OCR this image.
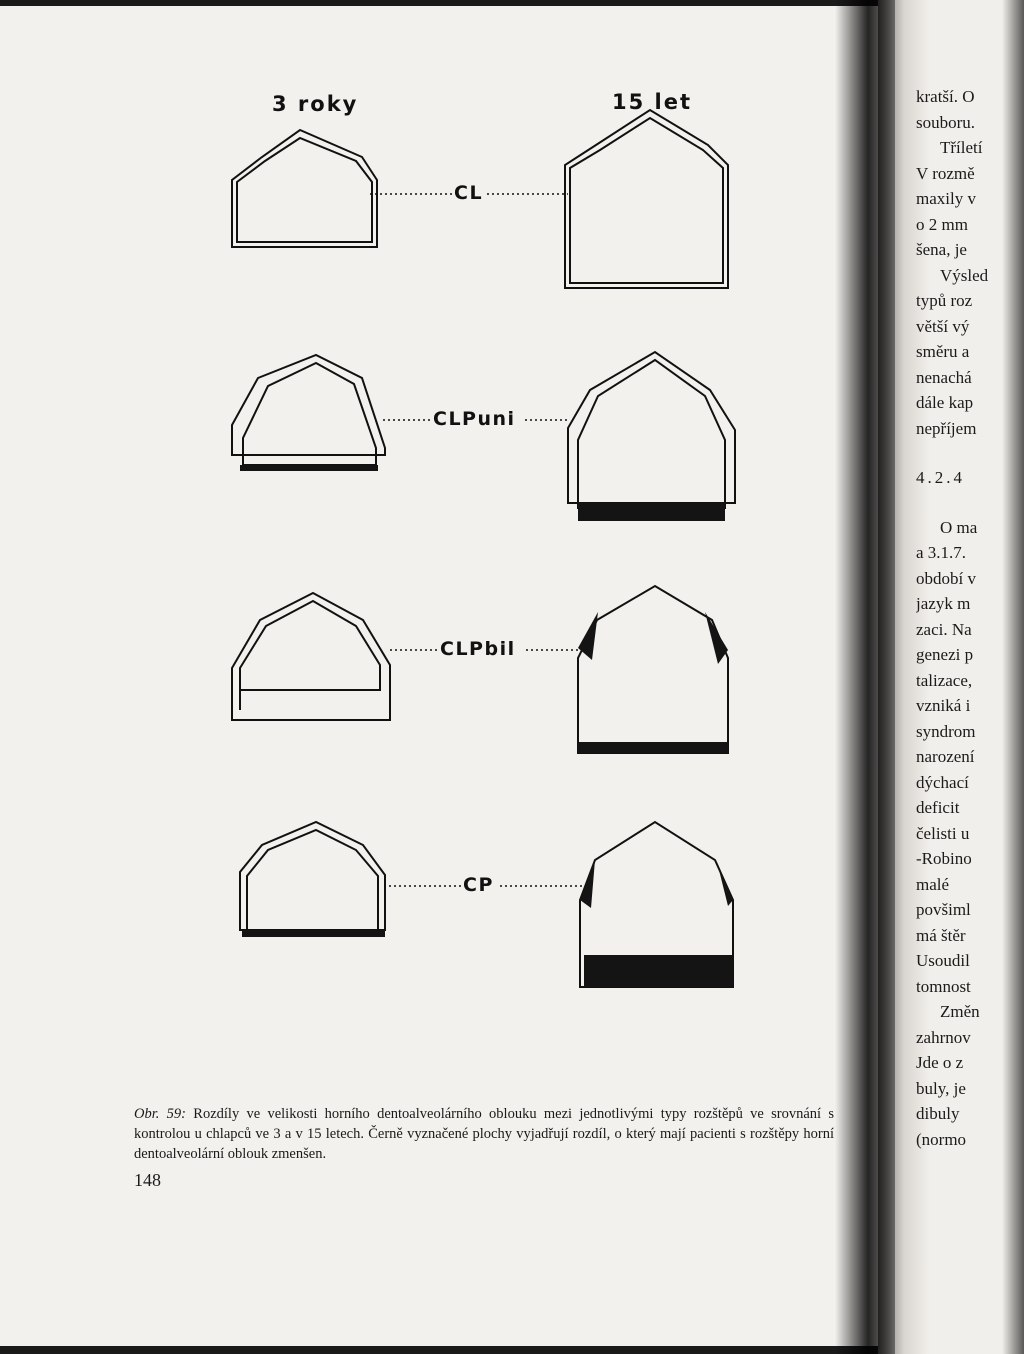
kratší. O
souboru.
Tříletí
V rozmě
maxily v
o 2 mm
šena, je
Výsled
typů roz
větší vý
směru a
nenachá
dále kap
nepříjem
4.2.4
O ma
a 3.1.7.
období v
jazyk m
zaci. Na
genezi p
talizace,
vzniká i
syndrom
narození
dýchací
deficit
čelisti u
-Robino
malé
povšiml
má štěr
Usoudil
tomnost
Změn
zahrnov
Jde o z
buly, je
dibuly
(normo
3 roky	15 let
CL
CLPuni
CLPbil
CP
Obr. 59: Rozdíly ve velikosti horního dentoalveolárního oblouku mezi jednotlivými typy rozštěpů ve srovnání s kontrolou u chlapců ve 3 a v 15 letech. Černě vyznačené plochy vyjadřují rozdíl, o který mají pacienti s rozštěpy horní dentoalveolární oblouk zmenšen.
148
